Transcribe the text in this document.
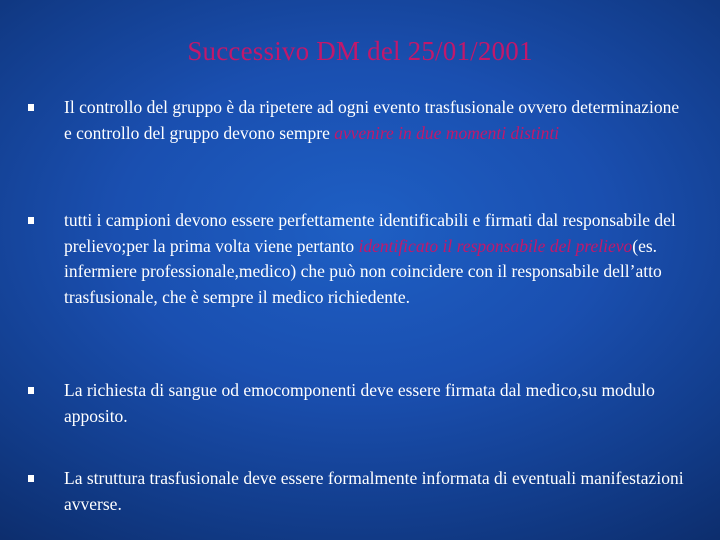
Successivo DM del 25/01/2001
Il controllo del gruppo è da ripetere ad ogni evento trasfusionale ovvero determinazione e controllo del gruppo devono sempre avvenire in due momenti distinti
tutti i campioni devono essere perfettamente identificabili e firmati dal responsabile del prelievo;per la prima volta viene pertanto identificato il responsabile del prelievo(es. infermiere professionale,medico) che può non coincidere con il responsabile dell’atto trasfusionale, che è sempre il medico richiedente.
La richiesta di sangue od emocomponenti deve essere firmata dal medico,su modulo apposito.
La struttura trasfusionale deve essere formalmente informata di eventuali manifestazioni avverse.
